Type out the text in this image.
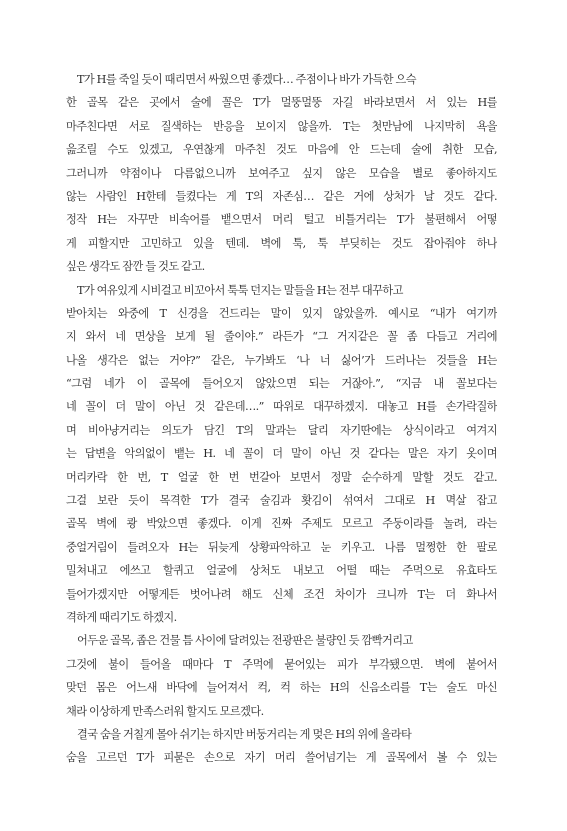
T가 H를 죽일 듯이 때리면서 싸웠으면 좋겠다… 주점이나 바가 가득한 으슥
한 골목 같은 곳에서 술에 꼴은 T가 멀뚱멀뚱 자길 바라보면서 서 있는 H를
마주친다면 서로 질색하는 반응을 보이지 않을까. T는 첫만남에 나지막히 욕을
읊조릴 수도 있겠고, 우연찮게 마주친 것도 마음에 안 드는데 술에 취한 모습,
그러니까 약점이나 다름없으니까 보여주고 싶지 않은 모습을 별로 좋아하지도
않는 사람인 H한테 들켰다는 게 T의 자존심… 같은 거에 상처가 날 것도 같다.
정작 H는 자꾸만 비속어를 뱉으면서 머리 털고 비틀거리는 T가 불편해서 어떻
게 피할지만 고민하고 있을 텐데. 벽에 툭, 툭 부딪히는 것도 잡아줘야 하나
싶은 생각도 잠깐 들 것도 같고.
T가 여유있게 시비걸고 비꼬아서 툭툭 던지는 말들을 H는 전부 대꾸하고
받아치는 와중에 T 신경을 건드리는 말이 있지 않았을까. 예시로 “내가 여기까
지 와서 네 면상을 보게 될 줄이야.” 라든가 “그 거지같은 꼴 좀 다듬고 거리에
나올 생각은 없는 거야?” 같은, 누가봐도 ‘나 너 싫어’가 드러나는 것들을 H는
“그럼 네가 이 골목에 들어오지 않았으면 되는 거잖아.”, “지금 내 꼴보다는
네 꼴이 더 말이 아닌 것 같은데….” 따위로 대꾸하겠지. 대놓고 H를 손가락질하
며 비아냥거리는 의도가 담긴 T의 말과는 달리 자기딴에는 상식이라고 여겨지
는 답변을 악의없이 뱉는 H. 네 꼴이 더 말이 아닌 것 같다는 말은 자기 옷이며
머리카락 한 번, T 얼굴 한 번 번갈아 보면서 정말 순수하게 말할 것도 같고.
그걸 보란 듯이 목격한 T가 결국 술김과 홧김이 섞여서 그대로 H 멱살 잡고
골목 벽에 쾅 박았으면 좋겠다. 이게 진짜 주제도 모르고 주둥이라를 놀려, 라는
중얼거림이 들려오자 H는 뒤늦게 상황파악하고 눈 키우고. 나름 멀쩡한 한 팔로
밀쳐내고 에쓰고 할퀴고 얼굴에 상처도 내보고 어떨 때는 주먹으로 유효타도
들어가겠지만 어떻게든 벗어나려 해도 신체 조건 차이가 크니까 T는 더 화나서
격하게 때리기도 하겠지.
어두운 골목, 좁은 건물 틈 사이에 달려있는 전광판은 불량인 듯 깜빡거리고
그것에 불이 들어올 때마다 T 주먹에 묻어있는 피가 부각됐으면. 벽에 붙어서
맞던 몸은 어느새 바닥에 늘어져서 컥, 컥 하는 H의 신음소리를 T는 술도 마신
채라 이상하게 만족스러워 할지도 모르겠다.
결국 숨을 거칠게 몰아 쉬기는 하지만 버둥거리는 게 멎은 H의 위에 올라타
숨을 고르던 T가 피묻은 손으로 자기 머리 쓸어넘기는 게 골목에서 볼 수 있는
